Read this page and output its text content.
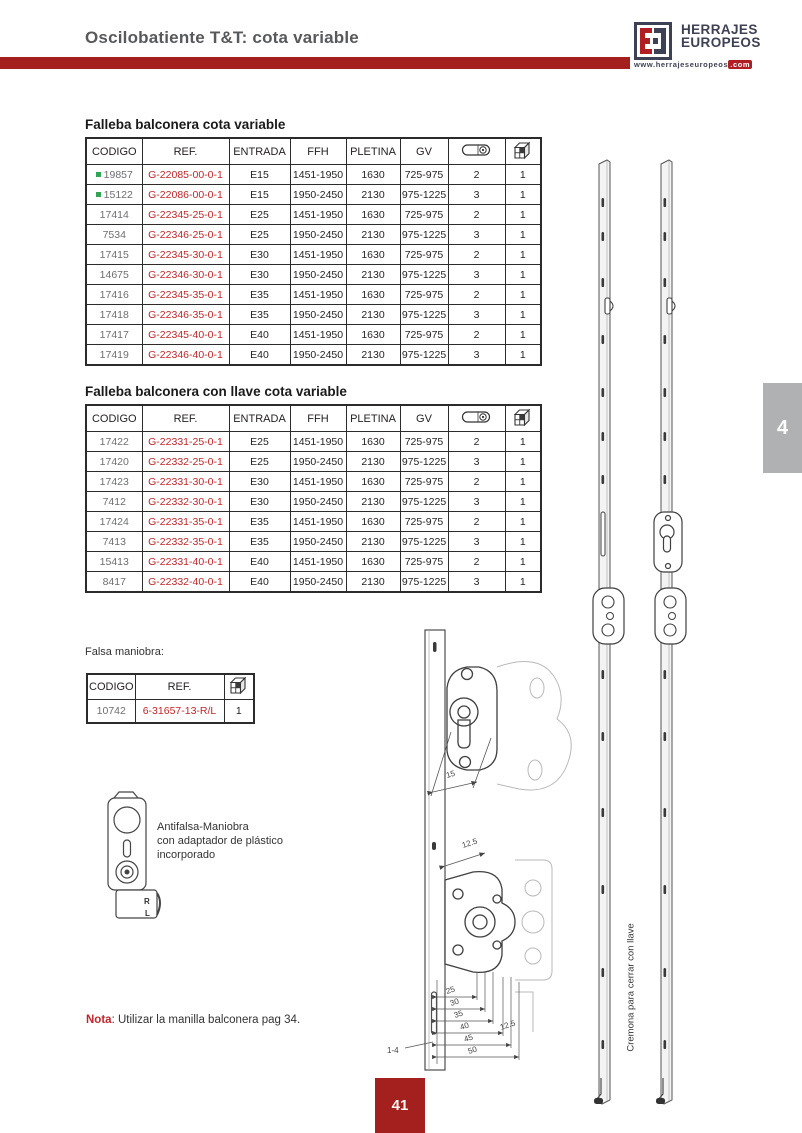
Oscilobatiente T&T: cota variable	HERRAJES
EUROPEOS
www.herrajeseuropeos .com
4
41
Falleba balconera cota variable
CODIGO	REF.	ENTRADA	FFH	PLETINA	GV		
19857	G-22085-00-0-1	E15	1451-1950	1630	725-975	2	1
15122	G-22086-00-0-1	E15	1950-2450	2130	975-1225	3	1
17414	G-22345-25-0-1	E25	1451-1950	1630	725-975	2	1
7534	G-22346-25-0-1	E25	1950-2450	2130	975-1225	3	1
17415	G-22345-30-0-1	E30	1451-1950	1630	725-975	2	1
14675	G-22346-30-0-1	E30	1950-2450	2130	975-1225	3	1
17416	G-22345-35-0-1	E35	1451-1950	1630	725-975	2	1
17418	G-22346-35-0-1	E35	1950-2450	2130	975-1225	3	1
17417	G-22345-40-0-1	E40	1451-1950	1630	725-975	2	1
17419	G-22346-40-0-1	E40	1950-2450	2130	975-1225	3	1
Falleba balconera con llave cota variable
CODIGO	REF.	ENTRADA	FFH	PLETINA	GV		
17422	G-22331-25-0-1	E25	1451-1950	1630	725-975	2	1
17420	G-22332-25-0-1	E25	1950-2450	2130	975-1225	3	1
17423	G-22331-30-0-1	E30	1451-1950	1630	725-975	2	1
7412	G-22332-30-0-1	E30	1950-2450	2130	975-1225	3	1
17424	G-22331-35-0-1	E35	1451-1950	1630	725-975	2	1
7413	G-22332-35-0-1	E35	1950-2450	2130	975-1225	3	1
15413	G-22331-40-0-1	E40	1451-1950	1630	725-975	2	1
8417	G-22332-40-0-1	E40	1950-2450	2130	975-1225	3	1
Falsa maniobra:
CODIGO	REF.	
10742	6-31657-13-R/L	1
R
L
Antifalsa-Maniobra
con adaptador de plástico
incorporado
15
12.5
25
30
35
40
45
50
12.5
1-4	Cremona para cerrar con llave

Nota: Utilizar la manilla balconera pag 34.
